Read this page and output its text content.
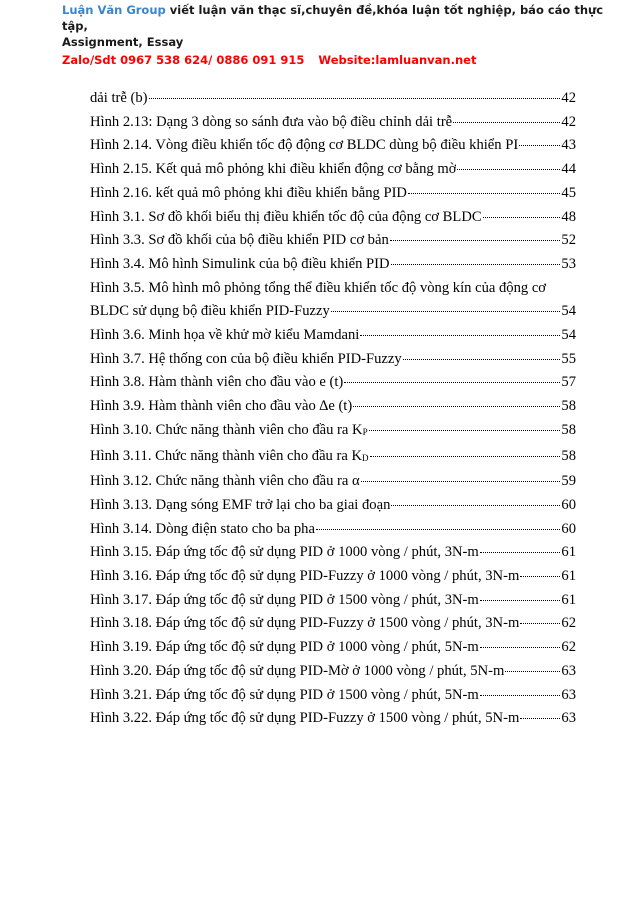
Luận Văn Group viết luận văn thạc sĩ,chuyên đề,khóa luận tốt nghiệp, báo cáo thực tập,
Assignment, Essay
Zalo/Sdt 0967 538 624/ 0886 091 915 Website:lamluanvan.net
dải trễ (b)	42
Hình 2.13: Dạng 3 dòng so sánh đưa vào bộ điều chỉnh dải trễ	42
Hình 2.14. Vòng điều khiển tốc độ động cơ BLDC dùng bộ điều khiển PI	43
Hình 2.15. Kết quả mô phỏng khi điều khiển động cơ bằng mờ	44
Hình 2.16. kết quả mô phỏng khi điều khiển bằng PID	45
Hình 3.1. Sơ đồ khối biểu thị điều khiển tốc độ của động cơ BLDC	48
Hình 3.3. Sơ đồ khối của bộ điều khiển PID cơ bản	52
Hình 3.4. Mô hình Simulink của bộ điều khiển PID	53
Hình 3.5. Mô hình mô phỏng tổng thể điều khiển tốc độ vòng kín của động cơ
BLDC sử dụng bộ điều khiển PID-Fuzzy	54
Hình 3.6. Minh họa về khử mờ kiểu Mamdani	54
Hình 3.7. Hệ thống con của bộ điều khiển PID-Fuzzy	55
Hình 3.8. Hàm thành viên cho đầu vào e (t)	57
Hình 3.9. Hàm thành viên cho đầu vào ∆e (t)	58
Hình 3.10. Chức năng thành viên cho đầu ra KP	58
Hình 3.11. Chức năng thành viên cho đầu ra KD	58
Hình 3.12. Chức năng thành viên cho đầu ra α	59
Hình 3.13. Dạng sóng EMF trở lại cho ba giai đoạn	60
Hình 3.14. Dòng điện stato cho ba pha	60
Hình 3.15. Đáp ứng tốc độ sử dụng PID ở 1000 vòng / phút, 3N-m	61
Hình 3.16. Đáp ứng tốc độ sử dụng PID-Fuzzy ở 1000 vòng / phút, 3N-m	61
Hình 3.17. Đáp ứng tốc độ sử dụng PID ở 1500 vòng / phút, 3N-m	61
Hình 3.18. Đáp ứng tốc độ sử dụng PID-Fuzzy ở 1500 vòng / phút, 3N-m	62
Hình 3.19. Đáp ứng tốc độ sử dụng PID ở 1000 vòng / phút, 5N-m	62
Hình 3.20. Đáp ứng tốc độ sử dụng PID-Mờ ở 1000 vòng / phút, 5N-m	63
Hình 3.21. Đáp ứng tốc độ sử dụng PID ở 1500 vòng / phút, 5N-m	63
Hình 3.22. Đáp ứng tốc độ sử dụng PID-Fuzzy ở 1500 vòng / phút, 5N-m	63
